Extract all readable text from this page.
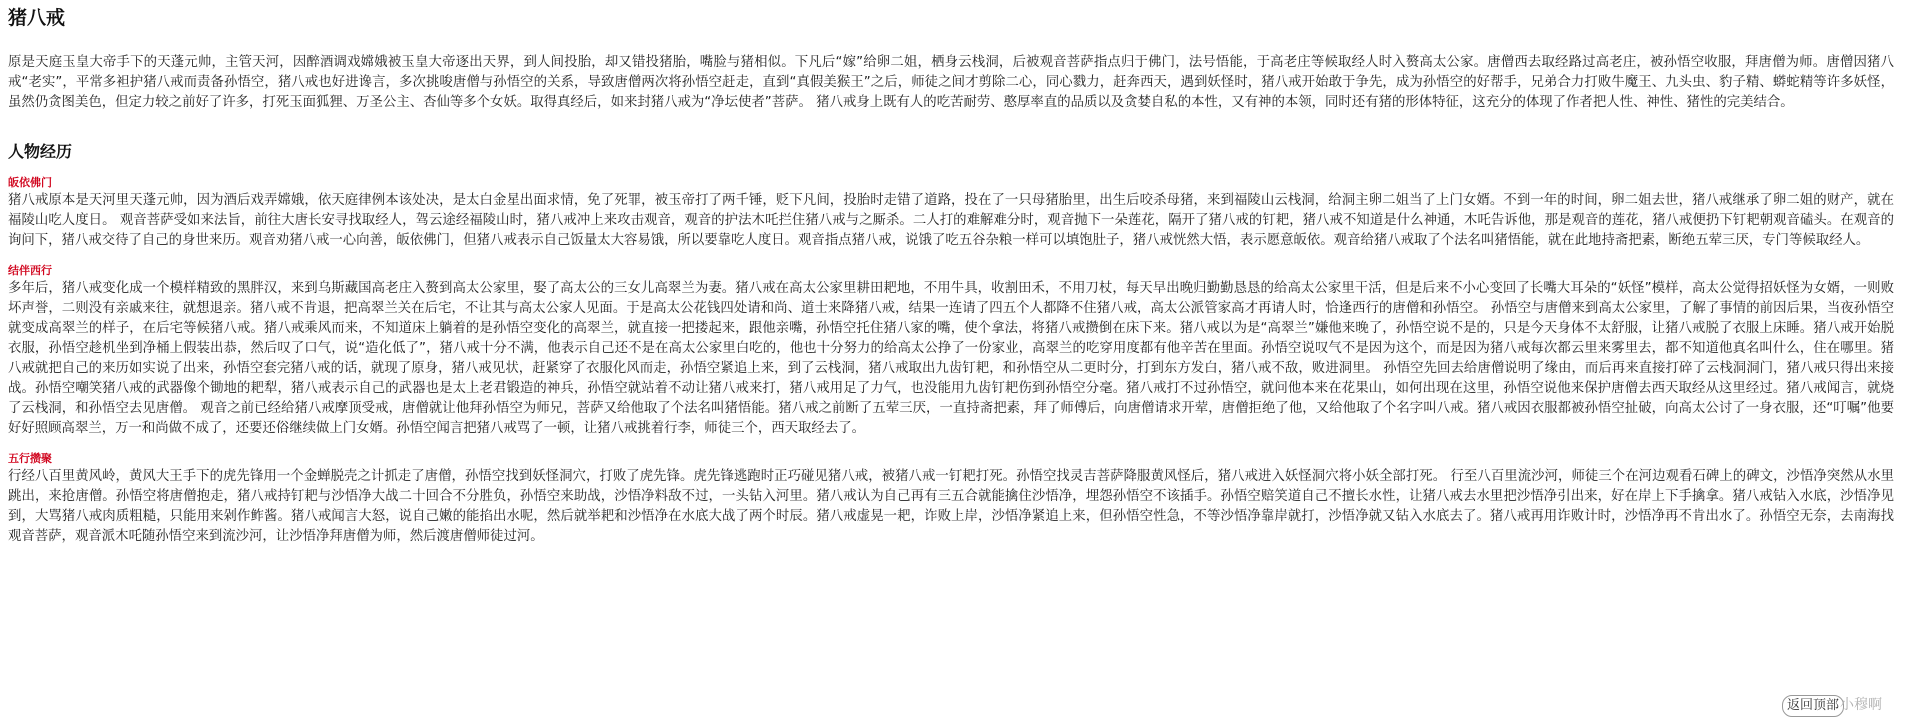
猪八戒

原是天庭玉皇大帝手下的天蓬元帅，主管天河，因醉酒调戏嫦娥被玉皇大帝逐出天界，到人间投胎，却又错投猪胎，嘴脸与猪相似。下凡后“嫁”给卵二姐，栖身云栈洞，后被观音菩萨指点归于佛门，法号悟能，于高老庄等候取经人时入赘高太公家。唐僧西去取经路过高老庄，被孙悟空收服，拜唐僧为师。唐僧因猪八戒“老实”，平常多袒护猪八戒而责备孙悟空，猪八戒也好进谗言，多次挑唆唐僧与孙悟空的关系，导致唐僧两次将孙悟空赶走，直到“真假美猴王”之后，师徒之间才剪除二心，同心戮力，赶奔西天，遇到妖怪时，猪八戒开始敢于争先，成为孙悟空的好帮手，兄弟合力打败牛魔王、九头虫、豹子精、蟒蛇精等许多妖怪，虽然仍贪图美色，但定力较之前好了许多，打死玉面狐狸、万圣公主、杏仙等多个女妖。取得真经后，如来封猪八戒为“净坛使者”菩萨。 猪八戒身上既有人的吃苦耐劳、憨厚率直的品质以及贪婪自私的本性，又有神的本领，同时还有猪的形体特征，这充分的体现了作者把人性、神性、猪性的完美结合。

人物经历
皈依佛门

猪八戒原本是天河里天蓬元帅，因为酒后戏弄嫦娥，依天庭律例本该处决，是太白金星出面求情，免了死罪，被玉帝打了两千锤，贬下凡间，投胎时走错了道路，投在了一只母猪胎里，出生后咬杀母猪，来到福陵山云栈洞，给洞主卵二姐当了上门女婿。不到一年的时间，卵二姐去世，猪八戒继承了卵二姐的财产，就在福陵山吃人度日。 观音菩萨受如来法旨，前往大唐长安寻找取经人，驾云途经福陵山时，猪八戒冲上来攻击观音，观音的护法木吒拦住猪八戒与之厮杀。二人打的难解难分时，观音抛下一朵莲花，隔开了猪八戒的钉耙，猪八戒不知道是什么神通，木吒告诉他，那是观音的莲花，猪八戒便扔下钉耙朝观音磕头。在观音的询问下，猪八戒交待了自己的身世来历。观音劝猪八戒一心向善，皈依佛门，但猪八戒表示自己饭量太大容易饿，所以要靠吃人度日。观音指点猪八戒，说饿了吃五谷杂粮一样可以填饱肚子，猪八戒恍然大悟，表示愿意皈依。观音给猪八戒取了个法名叫猪悟能，就在此地持斋把素，断绝五荤三厌，专门等候取经人。

结伴西行

多年后，猪八戒变化成一个模样精致的黑胖汉，来到乌斯藏国高老庄入赘到高太公家里，娶了高太公的三女儿高翠兰为妻。猪八戒在高太公家里耕田耙地，不用牛具，收割田禾，不用刀杖，每天早出晚归勤勤恳恳的给高太公家里干活，但是后来不小心变回了长嘴大耳朵的“妖怪”模样，高太公觉得招妖怪为女婿，一则败坏声誉，二则没有亲戚来往，就想退亲。猪八戒不肯退，把高翠兰关在后宅，不让其与高太公家人见面。于是高太公花钱四处请和尚、道士来降猪八戒，结果一连请了四五个人都降不住猪八戒，高太公派管家高才再请人时，恰逢西行的唐僧和孙悟空。 孙悟空与唐僧来到高太公家里，了解了事情的前因后果，当夜孙悟空就变成高翠兰的样子，在后宅等候猪八戒。猪八戒乘风而来，不知道床上躺着的是孙悟空变化的高翠兰，就直接一把搂起来，跟他亲嘴，孙悟空托住猪八家的嘴，使个拿法，将猪八戒攒倒在床下来。猪八戒以为是“高翠兰”嫌他来晚了，孙悟空说不是的，只是今天身体不太舒服，让猪八戒脱了衣服上床睡。猪八戒开始脱衣服，孙悟空趁机坐到净桶上假装出恭，然后叹了口气，说“造化低了”，猪八戒十分不满，他表示自己还不是在高太公家里白吃的，他也十分努力的给高太公挣了一份家业，高翠兰的吃穿用度都有他辛苦在里面。孙悟空说叹气不是因为这个，而是因为猪八戒每次都云里来雾里去，都不知道他真名叫什么，住在哪里。猪八戒就把自己的来历如实说了出来，孙悟空套完猪八戒的话，就现了原身，猪八戒见状，赶紧穿了衣服化风而走，孙悟空紧追上来，到了云栈洞，猪八戒取出九齿钉耙，和孙悟空从二更时分，打到东方发白，猪八戒不敌，败进洞里。 孙悟空先回去给唐僧说明了缘由，而后再来直接打碎了云栈洞洞门，猪八戒只得出来接战。孙悟空嘲笑猪八戒的武器像个锄地的耙犁，猪八戒表示自己的武器也是太上老君锻造的神兵，孙悟空就站着不动让猪八戒来打，猪八戒用足了力气，也没能用九齿钉耙伤到孙悟空分毫。猪八戒打不过孙悟空，就问他本来在花果山，如何出现在这里，孙悟空说他来保护唐僧去西天取经从这里经过。猪八戒闻言，就烧了云栈洞，和孙悟空去见唐僧。 观音之前已经给猪八戒摩顶受戒，唐僧就让他拜孙悟空为师兄，菩萨又给他取了个法名叫猪悟能。猪八戒之前断了五荤三厌，一直持斋把素，拜了师傅后，向唐僧请求开荤，唐僧拒绝了他，又给他取了个名字叫八戒。猪八戒因衣服都被孙悟空扯破，向高太公讨了一身衣服，还“叮嘱”他要好好照顾高翠兰，万一和尚做不成了，还要还俗继续做上门女婿。孙悟空闻言把猪八戒骂了一顿，让猪八戒挑着行李，师徒三个，西天取经去了。

五行攒聚

行经八百里黄风岭，黄风大王手下的虎先锋用一个金蝉脱壳之计抓走了唐僧，孙悟空找到妖怪洞穴，打败了虎先锋。虎先锋逃跑时正巧碰见猪八戒，被猪八戒一钉耙打死。孙悟空找灵吉菩萨降服黄风怪后，猪八戒进入妖怪洞穴将小妖全部打死。 行至八百里流沙河，师徒三个在河边观看石碑上的碑文，沙悟净突然从水里跳出，来抢唐僧。孙悟空将唐僧抱走，猪八戒持钉耙与沙悟净大战二十回合不分胜负，孙悟空来助战，沙悟净料敌不过，一头钻入河里。猪八戒认为自己再有三五合就能擒住沙悟净，埋怨孙悟空不该插手。孙悟空赔笑道自己不擅长水性，让猪八戒去水里把沙悟净引出来，好在岸上下手擒拿。猪八戒钻入水底，沙悟净见到，大骂猪八戒肉质粗糙，只能用来剁作鲊酱。猪八戒闻言大怒，说自己嫩的能掐出水呢，然后就举耙和沙悟净在水底大战了两个时辰。猪八戒虚晃一耙，诈败上岸，沙悟净紧追上来，但孙悟空性急，不等沙悟净靠岸就打，沙悟净就又钻入水底去了。猪八戒再用诈败计时，沙悟净再不肯出水了。孙悟空无奈，去南海找观音菩萨，观音派木吒随孙悟空来到流沙河，让沙悟净拜唐僧为师，然后渡唐僧师徒过河。

返回顶部 小穆啊
